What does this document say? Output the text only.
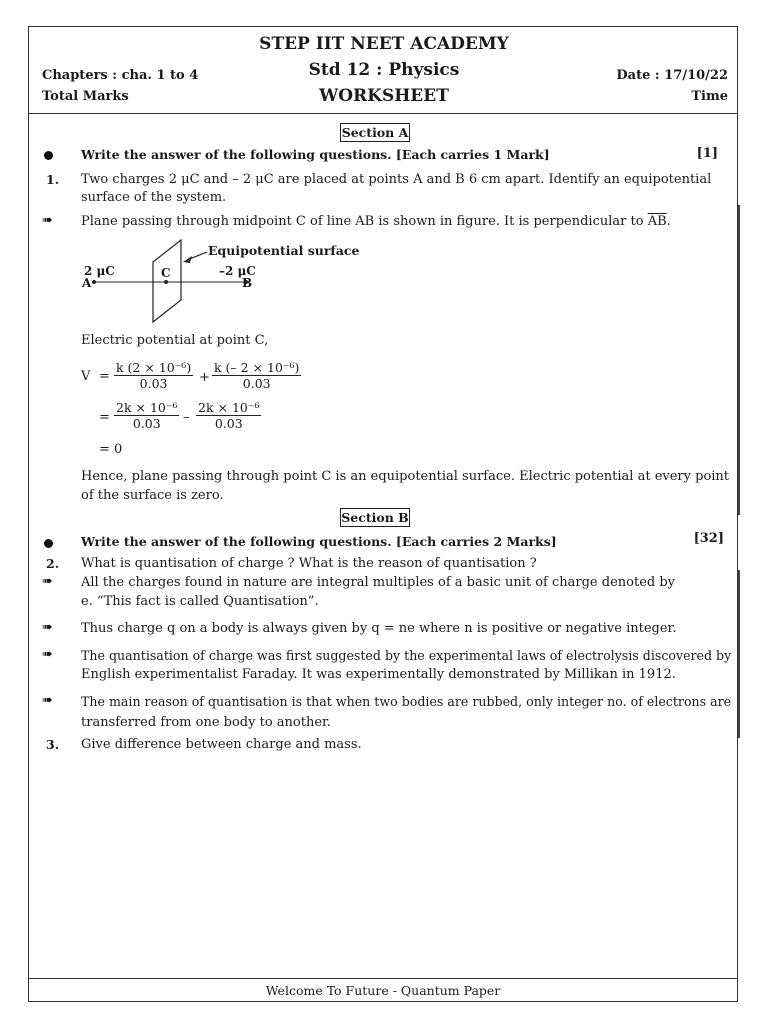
STEP IIT NEET ACADEMY
Std 12 : Physics
WORKSHEET
Chapters : cha. 1 to 4
Total Marks
Date : 17/10/22
Time
Section A
Write the answer of the following questions. [Each carries 1 Mark]	[1]
1. Two charges 2 μC and – 2 μC are placed at points A and B 6 cm apart. Identify an equipotential
surface of the system.
➠ Plane passing through midpoint C of line AB is shown in figure. It is perpendicular to $\overline{AB}$.
Equipotential surface
2 μC	–2 μC
C
A	B
Electric potential at point C,
$V = \frac{\text{k (2 × 10⁻⁶)}}{0.03} + \frac{\text{k (– 2 × 10⁻⁶)}}{0.03}$
= $\frac{\text{2k × 10⁻⁶}}{0.03} - \frac{\text{2k × 10⁻⁶}}{0.03}$
= 0
Hence, plane passing through point C is an equipotential surface. Electric potential at every point
of the surface is zero.
Section B
Write the answer of the following questions. [Each carries 2 Marks]	[32]
2. What is quantisation of charge ? What is the reason of quantisation ?
➠ All the charges found in nature are integral multiples of a basic unit of charge denoted by
e. “This fact is called Quantisation”.
➠ Thus charge q on a body is always given by q = ne where n is positive or negative integer.
➠ The quantisation of charge was first suggested by the experimental laws of electrolysis discovered by
English experimentalist Faraday. It was experimentally demonstrated by Millikan in 1912.
➠ The main reason of quantisation is that when two bodies are rubbed, only integer no. of electrons are
transferred from one body to another.
3. Give difference between charge and mass.
Welcome To Future - Quantum Paper
